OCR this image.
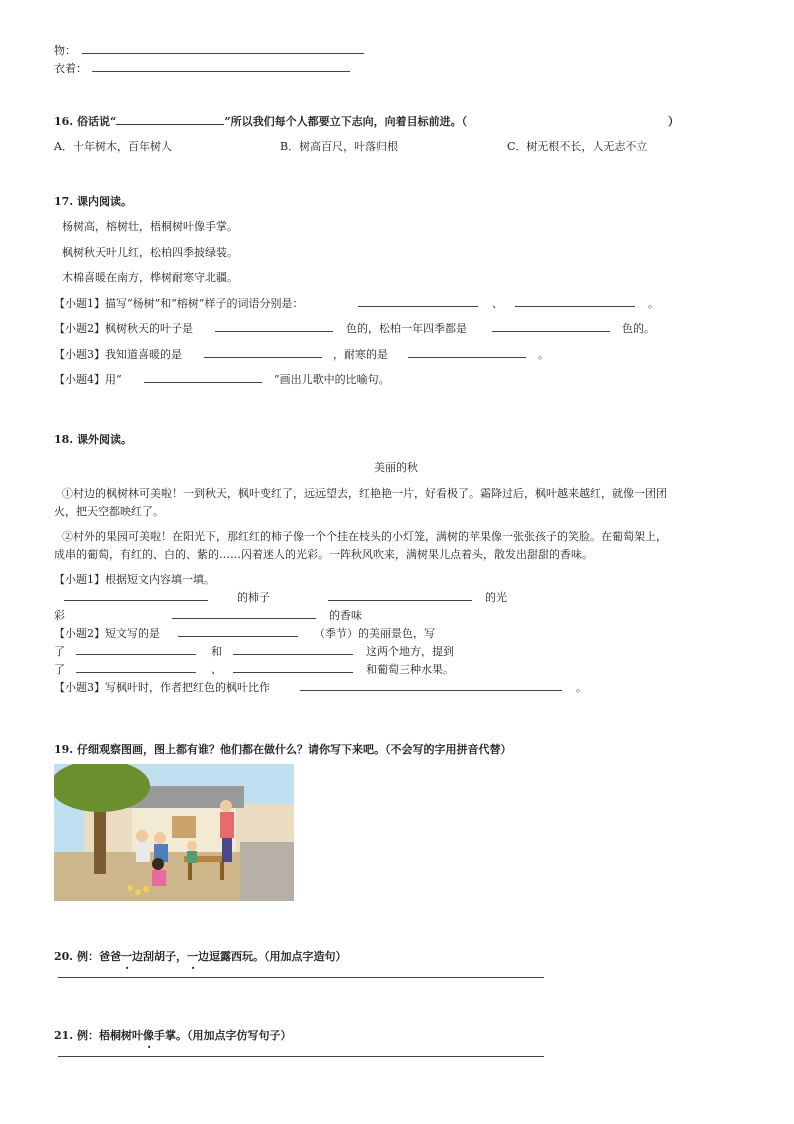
物：
衣着：
16. 俗话说“	”所以我们每个人都要立下志向，向着目标前进。（	）
A．十年树木，百年树人	B．树高百尺，叶落归根	C．树无根不长，人无志不立
17. 课内阅读。
杨树高，榕树壮，梧桐树叶像手掌。
枫树秋天叶儿红，松柏四季披绿装。
木棉喜暖在南方，桦树耐寒守北疆。
【小题1】描写“杨树”和“榕树”样子的词语分别是：	、	。
【小题2】枫树秋天的叶子是	色的，松柏一年四季都是	色的。
【小题3】我知道喜暖的是	，耐寒的是	。
【小题4】用“	”画出儿歌中的比喻句。
18. 课外阅读。
美丽的秋
①村边的枫树林可美啦！一到秋天，枫叶变红了，远远望去，红艳艳一片，好看极了。霜降过后，枫叶越来越红，就像一团团
火，把天空都映红了。
②村外的果园可美啦！在阳光下，那红红的柿子像一个个挂在枝头的小灯笼，满树的苹果像一张张孩子的笑脸。在葡萄架上，
成串的葡萄，有红的、白的、紫的……闪着迷人的光彩。一阵秋风吹来，满树果儿点着头，散发出甜甜的香味。
【小题1】根据短文内容填一填。
的柿子	的光
彩	的香味
【小题2】短文写的是	（季节）的美丽景色，写
了	和	这两个地方，提到
了	、	和葡萄三种水果。
【小题3】写枫叶时，作者把红色的枫叶比作	。
19. 仔细观察图画，图上都有谁？他们都在做什么？请你写下来吧。（不会写的字用拼音代替）
20. 例：爸爸一边刮胡子，一边逗露西玩。（用加点字造句）
21. 例：梧桐树叶像手掌。（用加点字仿写句子）
